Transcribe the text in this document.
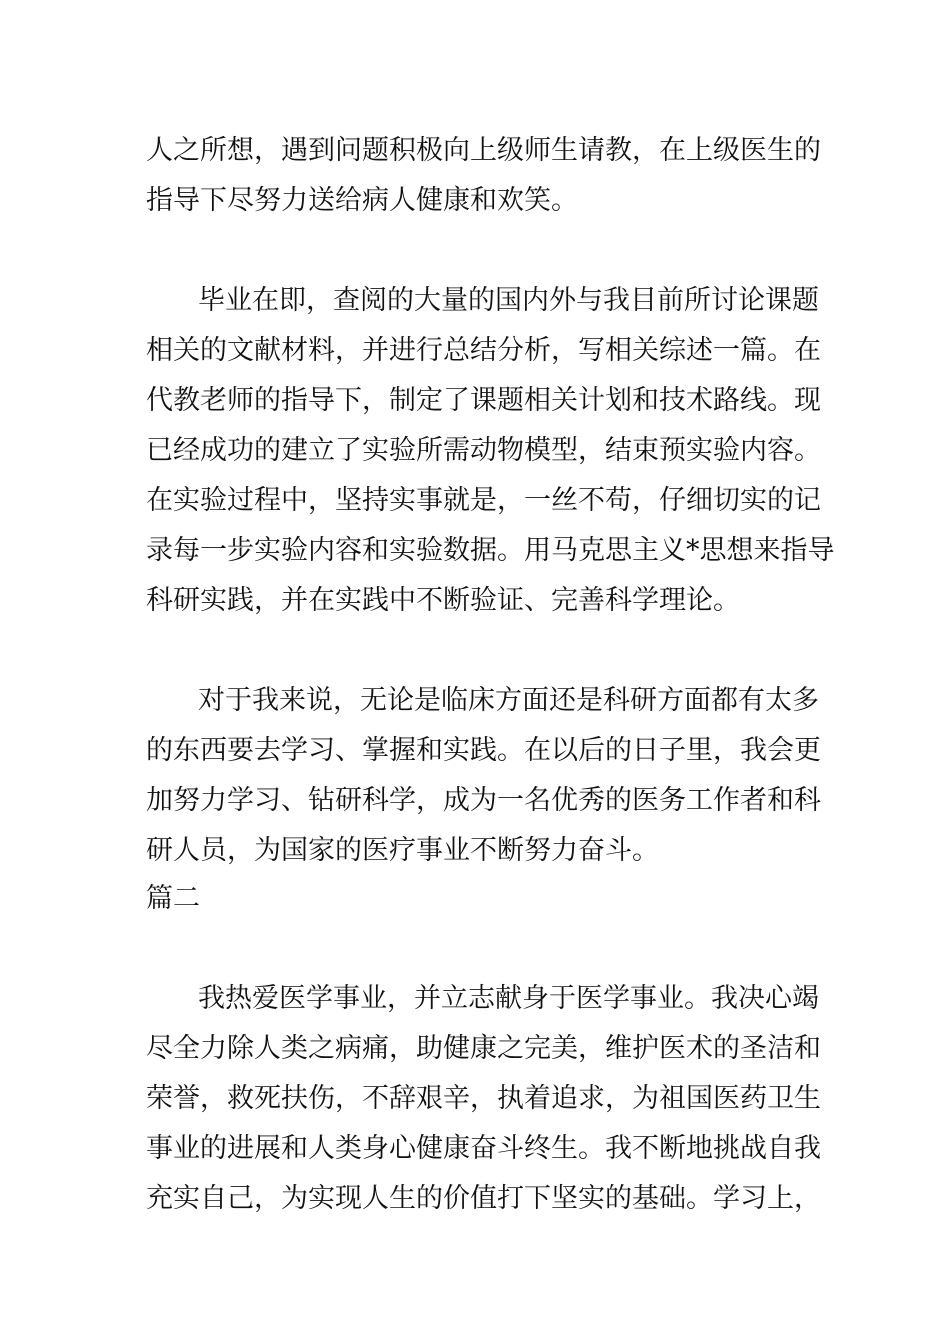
人之所想，遇到问题积极向上级师生请教，在上级医生的
指导下尽努力送给病人健康和欢笑。
毕业在即，查阅的大量的国内外与我目前所讨论课题
相关的文献材料，并进行总结分析，写相关综述一篇。在
代教老师的指导下，制定了课题相关计划和技术路线。现
已经成功的建立了实验所需动物模型，结束预实验内容。
在实验过程中，坚持实事就是，一丝不苟，仔细切实的记
录每一步实验内容和实验数据。用马克思主义*思想来指导
科研实践，并在实践中不断验证、完善科学理论。
对于我来说，无论是临床方面还是科研方面都有太多
的东西要去学习、掌握和实践。在以后的日子里，我会更
加努力学习、钻研科学，成为一名优秀的医务工作者和科
研人员，为国家的医疗事业不断努力奋斗。
篇二
我热爱医学事业，并立志献身于医学事业。我决心竭
尽全力除人类之病痛，助健康之完美，维护医术的圣洁和
荣誉，救死扶伤，不辞艰辛，执着追求，为祖国医药卫生
事业的进展和人类身心健康奋斗终生。我不断地挑战自我
充实自己，为实现人生的价值打下坚实的基础。学习上，
